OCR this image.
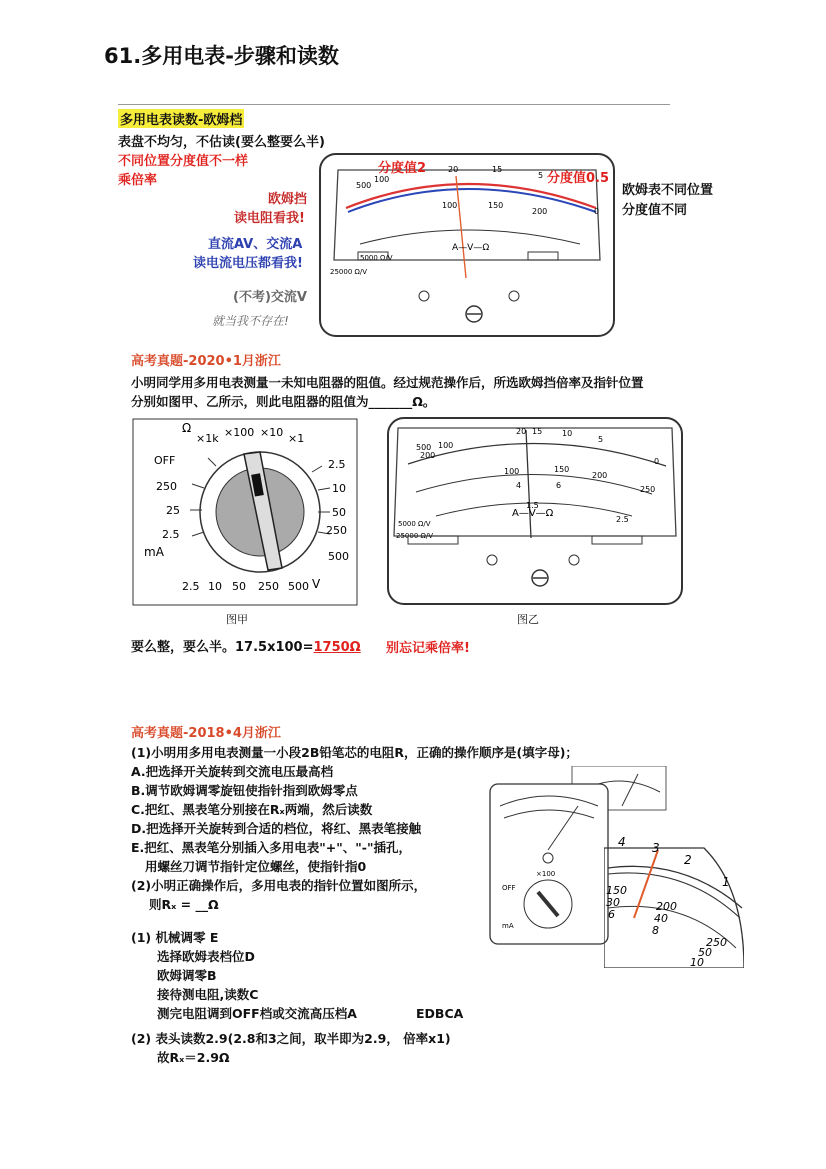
61.多用电表-步骤和读数
多用电表读数-欧姆档
表盘不均匀，不估读(要么整要么半)
不同位置分度值不一样
乘倍率	500
100
20	15
5
0
100	150
200
A—V—Ω
5000 Ω/V
25000 Ω/V
分度值2
分度值0.5
欧姆表不同位置
分度值不同
欧姆挡
读电阻看我!
直流AV、交流A
读电流电压都看我!
(不考)交流V
就当我不存在!
高考真题-2020•1月浙江
小明同学用多用电表测量一未知电阻器的阻值。经过规范操作后，所选欧姆挡倍率及指针位置
分别如图甲、乙所示，则此电阻器的阻值为_______Ω。
Ω
×1k ×100 ×10 ×1
OFF
250
25
2.5
mA
2.5
10
50
250
500
2.5 10 50 250 500 V
图甲
500
200
100
20 15 10
5
0
100	150
200
250
4	6
1.5
2.5
A—V—Ω
5000 Ω/V
25000 Ω/V
图乙
要么整，要么半。17.5x100=1750Ω 别忘记乘倍率!
高考真题-2018•4月浙江
(1)小明用多用电表测量一小段2B铅笔芯的电阻R，正确的操作顺序是(填字母)；
A.把选择开关旋转到交流电压最高档
B.调节欧姆调零旋钮使指针指到欧姆零点
C.把红、黑表笔分别接在Rₓ两端，然后读数
D.把选择开关旋转到合适的档位，将红、黑表笔接触
E.把红、黑表笔分别插入多用电表"+"、"-"插孔，
用螺丝刀调节指针定位螺丝，使指针指0
(2)小明正确操作后，多用电表的指针位置如图所示，
则Rₓ = __Ω
(1) 机械调零 E
选择欧姆表档位D
欧姆调零B
接待测电阻,读数C
测完电阻调到OFF档或交流高压档A	EDBCA
(2) 表头读数2.9(2.8和3之间，取半即为2.9， 倍率x1)
故Rₓ＝2.9Ω
OFF
mA
×100
4 3
2
1
150
30
6
200
40
8
250
50
10
